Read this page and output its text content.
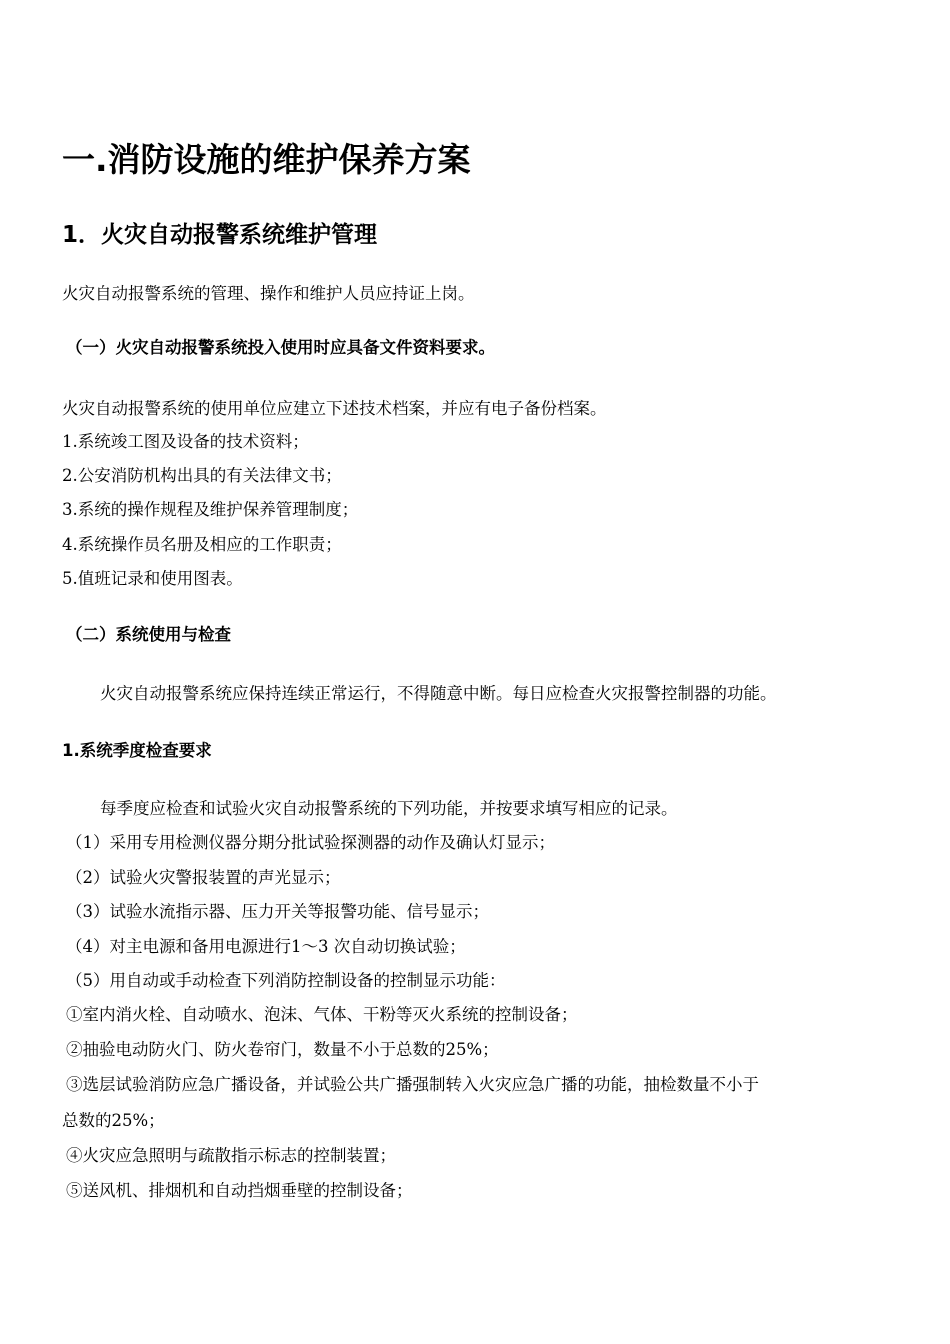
一.消防设施的维护保养方案
1．火灾自动报警系统维护管理

火灾自动报警系统的管理、操作和维护人员应持证上岗。

（一）火灾自动报警系统投入使用时应具备文件资料要求。

火灾自动报警系统的使用单位应建立下述技术档案，并应有电子备份档案。

1.系统竣工图及设备的技术资料；

2.公安消防机构出具的有关法律文书；

3.系统的操作规程及维护保养管理制度；

4.系统操作员名册及相应的工作职责；

5.值班记录和使用图表。

（二）系统使用与检查

火灾自动报警系统应保持连续正常运行，不得随意中断。每日应检查火灾报警控制器的功能。

1.系统季度检查要求

每季度应检查和试验火灾自动报警系统的下列功能，并按要求填写相应的记录。

（1）采用专用检测仪器分期分批试验探测器的动作及确认灯显示；

（2）试验火灾警报装置的声光显示；

（3）试验水流指示器、压力开关等报警功能、信号显示；

（4）对主电源和备用电源进行1～3 次自动切换试验；

（5）用自动或手动检查下列消防控制设备的控制显示功能：

①室内消火栓、自动喷水、泡沫、气体、干粉等灭火系统的控制设备；

②抽验电动防火门、防火卷帘门，数量不小于总数的25%；

③选层试验消防应急广播设备，并试验公共广播强制转入火灾应急广播的功能，抽检数量不小于

总数的25%；

④火灾应急照明与疏散指示标志的控制装置；

⑤送风机、排烟机和自动挡烟垂壁的控制设备；
